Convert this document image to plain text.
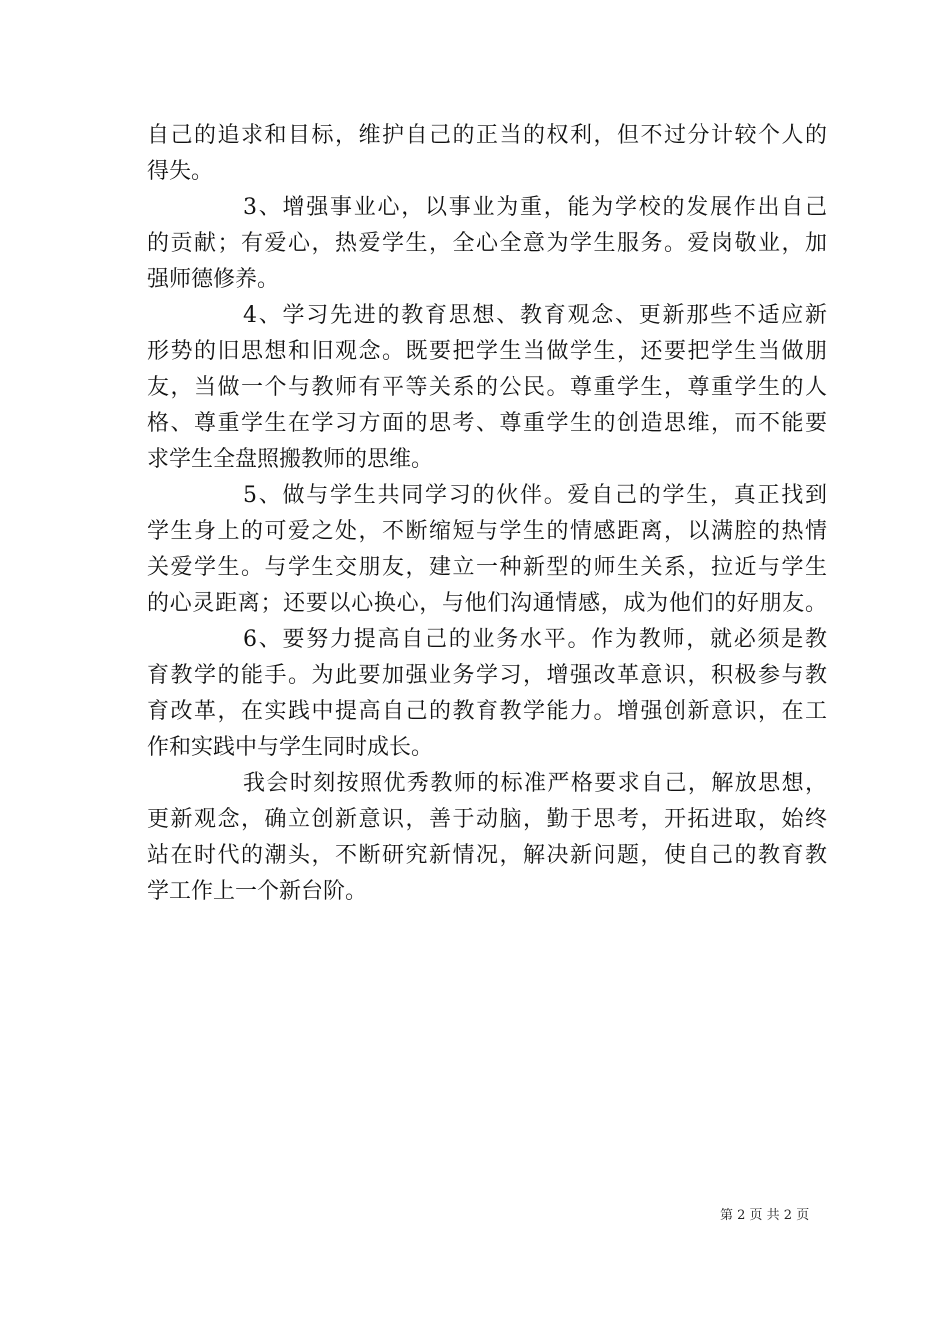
自己的追求和目标，维护自己的正当的权利，但不过分计较个人的
得失。
3、增强事业心，以事业为重，能为学校的发展作出自己
的贡献；有爱心，热爱学生，全心全意为学生服务。爱岗敬业，加
强师德修养。
4、学习先进的教育思想、教育观念、更新那些不适应新
形势的旧思想和旧观念。既要把学生当做学生，还要把学生当做朋
友，当做一个与教师有平等关系的公民。尊重学生，尊重学生的人
格、尊重学生在学习方面的思考、尊重学生的创造思维，而不能要
求学生全盘照搬教师的思维。
5、做与学生共同学习的伙伴。爱自己的学生，真正找到
学生身上的可爱之处，不断缩短与学生的情感距离，以满腔的热情
关爱学生。与学生交朋友，建立一种新型的师生关系，拉近与学生
的心灵距离；还要以心换心，与他们沟通情感，成为他们的好朋友。
6、要努力提高自己的业务水平。作为教师，就必须是教
育教学的能手。为此要加强业务学习，增强改革意识，积极参与教
育改革，在实践中提高自己的教育教学能力。增强创新意识，在工
作和实践中与学生同时成长。
我会时刻按照优秀教师的标准严格要求自己，解放思想，
更新观念，确立创新意识，善于动脑，勤于思考，开拓进取，始终
站在时代的潮头，不断研究新情况，解决新问题，使自己的教育教
学工作上一个新台阶。
第 2 页 共 2 页
